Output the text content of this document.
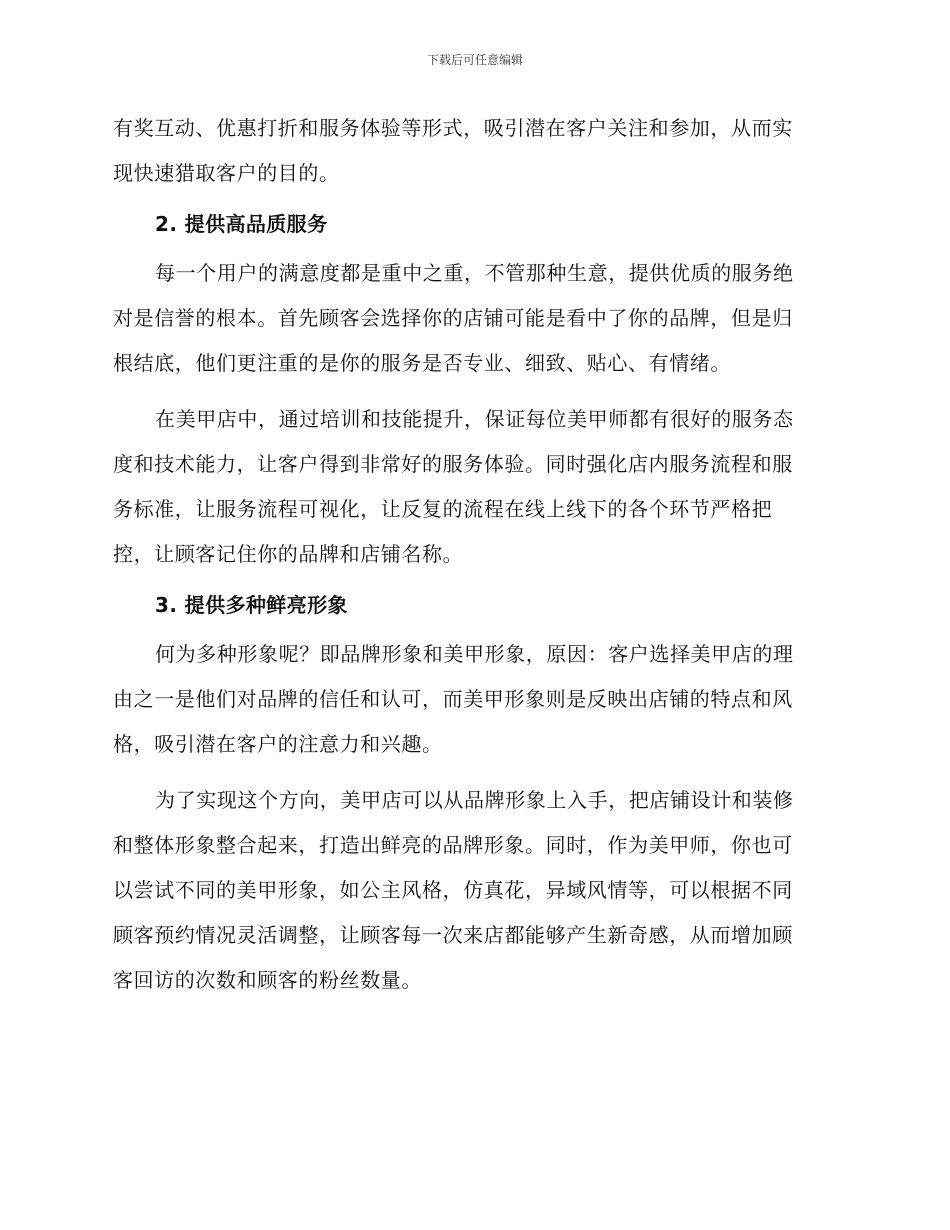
下载后可任意编辑

有奖互动、优惠打折和服务体验等形式，吸引潜在客户关注和参加，从而实
现快速猎取客户的目的。

2. 提供高品质服务

每一个用户的满意度都是重中之重，不管那种生意，提供优质的服务绝
对是信誉的根本。首先顾客会选择你的店铺可能是看中了你的品牌，但是归
根结底，他们更注重的是你的服务是否专业、细致、贴心、有情绪。

在美甲店中，通过培训和技能提升，保证每位美甲师都有很好的服务态
度和技术能力，让客户得到非常好的服务体验。同时强化店内服务流程和服
务标准，让服务流程可视化，让反复的流程在线上线下的各个环节严格把
控，让顾客记住你的品牌和店铺名称。

3. 提供多种鲜亮形象

何为多种形象呢？即品牌形象和美甲形象，原因：客户选择美甲店的理
由之一是他们对品牌的信任和认可，而美甲形象则是反映出店铺的特点和风
格，吸引潜在客户的注意力和兴趣。

为了实现这个方向，美甲店可以从品牌形象上入手，把店铺设计和装修
和整体形象整合起来，打造出鲜亮的品牌形象。同时，作为美甲师，你也可
以尝试不同的美甲形象，如公主风格，仿真花，异域风情等，可以根据不同
顾客预约情况灵活调整，让顾客每一次来店都能够产生新奇感，从而增加顾
客回访的次数和顾客的粉丝数量。
